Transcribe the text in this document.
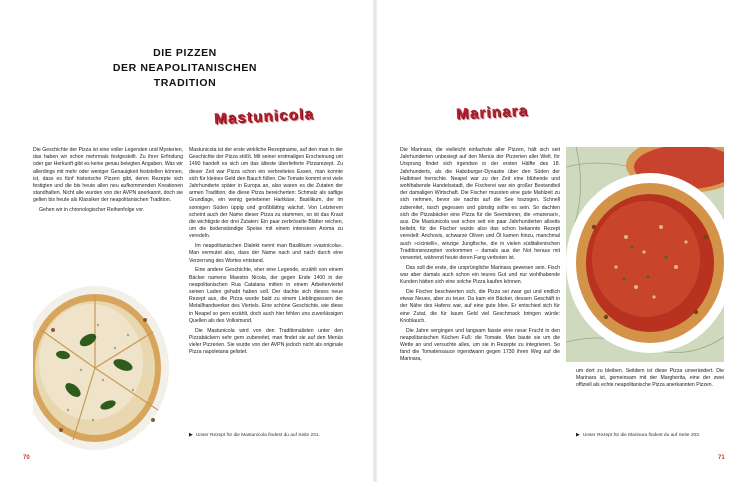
DIE PIZZEN
DER NEAPOLITANISCHEN TRADITION
Mastunicola	Marinara

Die Geschichte der Pizza ist eine voller Legenden und Mysterien, das haben wir schon mehrmals festgestellt. Zu ihrer Erfindung oder gar Herkunft gibt es keine genau belegten Angaben. Was wir allerdings mit mehr oder weniger Genauigkeit feststellen können, ist, dass es fünf historische Pizzen gibt, deren Rezepte sich festigten und die bis heute allen neu aufkommenden Kreationen standhalten. Nicht alle wurden von der AVPN anerkannt, doch sie gelten bis heute als Klassiker der neapolitanischen Tradition.

Gehen wir in chronologischer Reihenfolge vor.

Mastunicola ist der erste wirkliche Rezeptname, auf den man in der Geschichte der Pizza stößt. Mit seiner erstmaligen Erscheinung um 1490 handelt es sich um das älteste überlieferte Pizzarezept. Zu dieser Zeit war Pizza schon ein verbreitetes Essen, man konnte sich für kleines Geld den Bauch füllen. Die Tomate kommt erst viele Jahrhunderte später in Europa an, also waren es die Zutaten der armen Tradition, die diese Pizza bereicherten: Schmalz als saftige Grundlage, ein wenig geriebener Hartkäse, Basilikum, der im sonnigen Süden üppig und großblättrig wächst. Von Letzterem scheint auch der Name dieser Pizza zu stammen, so ist das Kraut die wichtigste der drei Zutaten: Ein paar zerbröselte Blätter reichen, um die bodenständige Speise mit einem intensiven Aroma zu veredeln.

Im neapolitanischen Dialekt nennt man Basilikum »vasinicola«. Man vermutet also, dass der Name nach und nach durch eine Verzerrung des Wortes entstand.

Eine andere Geschichte, eher eine Legende, erzählt von einem Bäcker namens Maestro Nicola, der gegen Ende 1400 in der neapolitanischen Rua Catalana mitten in einem Arbeiterviertel seinen Laden gehabt haben soll. Der dachte sich dieses neue Rezept aus, die Pizza wurde bald zu einem Lieblingsessen der Metallhandwerker des Viertels. Eine schöne Geschichte, wie diese in Neapel so gern erzählt, doch auch hier fehlen uns zuverlässigen Quellen als des Volksmund.

Die Mastunicola wird von den Traditionalisten unter den Pizzabäckern sehr gern zubereitet, man findet sie auf den Menüs vieler Pizzerien. Sie wurde von der AVPN jedoch nicht als originale Pizza napoletana gelistet.

▶ Unser Rezept für die Mastunicola findest du auf Seite 231.
70

Die Marinara, die vielleicht einfachste aller Pizzen, hält sich seit Jahrhunderten unbesiegt auf den Menüs der Pizzerien aller Welt. Ihr Ursprung findet sich irgendwo in der ersten Hälfte des 18. Jahrhunderts, als die Habsburger-Dynastie über den Süden der Halbinsel herrschte. Neapel war zu der Zeit eine blühende und wohlhabende Handelsstadt, die Fischerei war ein großer Bestandteil der damaligen Wirtschaft. Die Fischer mussten eine gute Mahlzeit zu sich nehmen, bevor sie nachts auf die See loszogen. Schnell zubereitet, rasch gegessen und günstig sollte es sein. So dachten sich die Pizzabäcker eine Pizza für die Seemänner, die »marenari«, aus. Die Mastunicola war schon seit ein paar Jahrhunderten allseits beliebt, für die Fischer wurde also das schon bekannte Rezept veredelt: Anchovis, schwarze Oliven und Öl kamen hinzu, manchmal auch »cicinielli«, winzige Jungfische, die in vielen süditalienischen Traditionsrezepten vorkommen – damals aus der Not heraus mit verwertet, während heute deren Fang verboten ist.

Das soll die erste, die ursprüngliche Marinara gewesen sein. Fisch war aber damals auch schon ein teures Gut und nur wohlhabende Kunden hätten sich eine solche Pizza kaufen können.

Die Fischer beschwerten sich, die Pizza sei zwar gut und endlich etwas Neues, aber zu teuer. Da kam ein Bäcker, dessen Geschäft in der Nähe des Hafens war, auf eine gute Idee. Er entschied sich für eine Zutat, die für kaum Geld viel Geschmack bringen würde: Knoblauch.

Die Jahre vergingen und langsam fasste eine neue Frucht in den neapolitanischen Küchen Fuß: die Tomate. Man baute sie um die Wette an und versuchte alles, um sie in Rezepte zu integrieren. So fand die Tomatensauce irgendwann gegen 1730 ihren Weg auf die Marinara,

um dort zu bleiben. Seitdem ist diese Pizza unverändert. Die Marinara ist, gemeinsam mit der Margherita, eine der zwei offiziell als echte neapolitanische Pizza anerkannten Pizzen.

▶ Unser Rezept für die Marinara findest du auf Seite 203.
71
